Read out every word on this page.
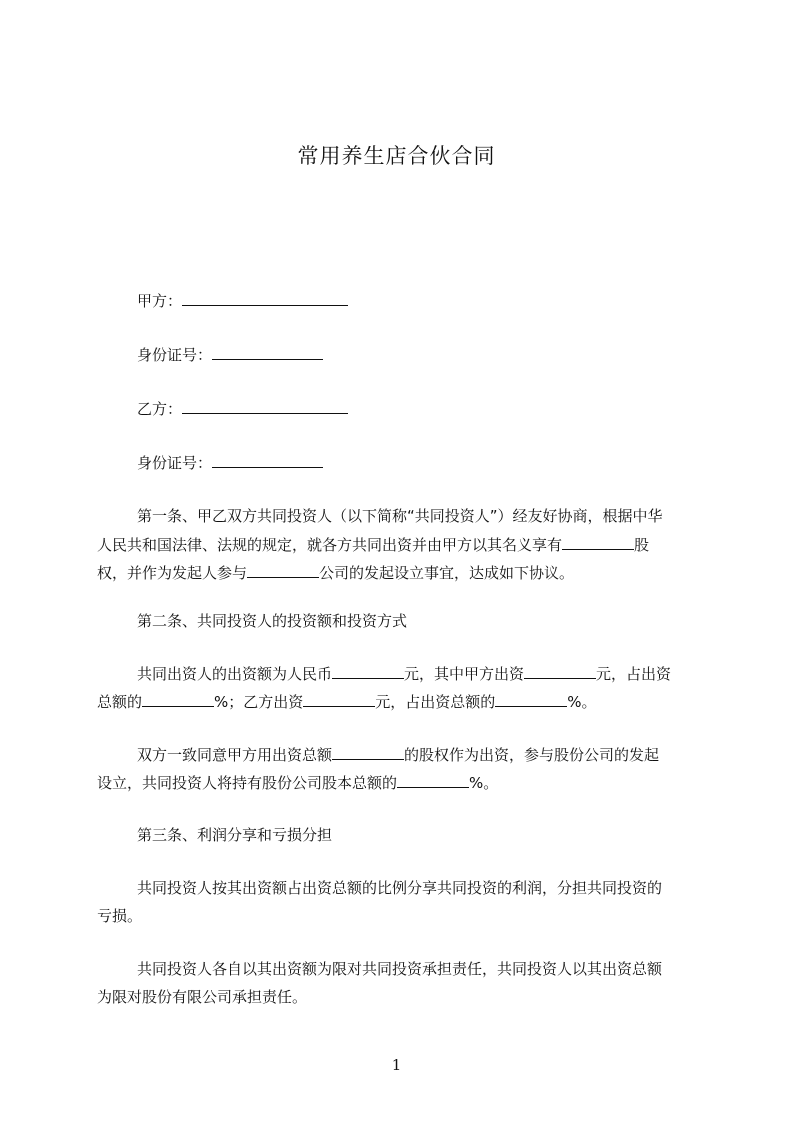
常用养生店合伙合同
甲方：
身份证号：
乙方：
身份证号：
第一条、甲乙双方共同投资人（以下简称“共同投资人”）经友好协商，根据中华
人民共和国法律、法规的规定，就各方共同出资并由甲方以其名义享有	股
权，并作为发起人参与	公司的发起设立事宜，达成如下协议。
第二条、共同投资人的投资额和投资方式
共同出资人的出资额为人民币	元，其中甲方出资	元，占出资
总额的	%；乙方出资	元，占出资总额的	%。
双方一致同意甲方用出资总额	的股权作为出资，参与股份公司的发起
设立，共同投资人将持有股份公司股本总额的	%。
第三条、利润分享和亏损分担
共同投资人按其出资额占出资总额的比例分享共同投资的利润，分担共同投资的
亏损。
共同投资人各自以其出资额为限对共同投资承担责任，共同投资人以其出资总额
为限对股份有限公司承担责任。
1
